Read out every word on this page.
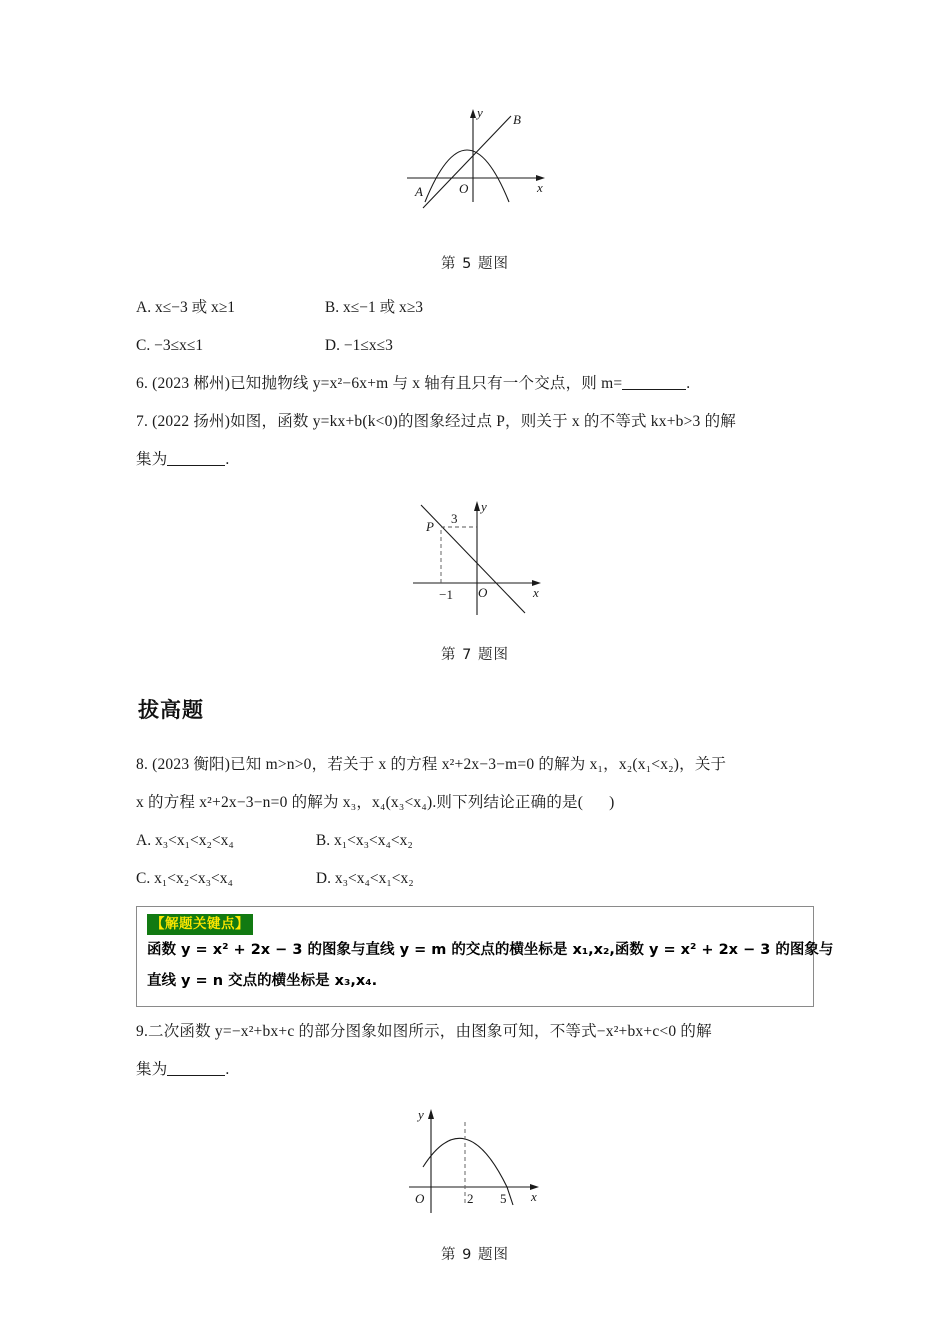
x
y
O
A
B
第 5 题图
A. x≤−3 或 x≥1	B. x≤−1 或 x≥3
C. −3≤x≤1	D. −1≤x≤3
6. (2023 郴州)已知抛物线 y=x²−6x+m 与 x 轴有且只有一个交点，则 m=	.
7. (2022 扬州)如图，函数 y=kx+b(k<0)的图象经过点 P，则关于 x 的不等式 kx+b>3 的解
集为	.
x
y
O
P
3
−1
第 7 题图
拔高题
8. (2023 衡阳)已知 m>n>0，若关于 x 的方程 x²+2x−3−m=0 的解为 x₁，x₂(x₁<x₂)，关于
x 的方程 x²+2x−3−n=0 的解为 x₃，x₄(x₃<x₄).则下列结论正确的是( )
A. x₃<x₁<x₂<x₄	B. x₁<x₃<x₄<x₂
C. x₁<x₂<x₃<x₄	D. x₃<x₄<x₁<x₂
【解题关键点】
函数 y = x² + 2x − 3 的图象与直线 y = m 的交点的横坐标是 x₁,x₂,函数 y = x² + 2x − 3 的图象与
直线 y = n 交点的横坐标是 x₃,x₄.
9.二次函数 y=−x²+bx+c 的部分图象如图所示，由图象可知，不等式−x²+bx+c<0 的解
集为	.
x
y
O	2 5
第 9 题图
